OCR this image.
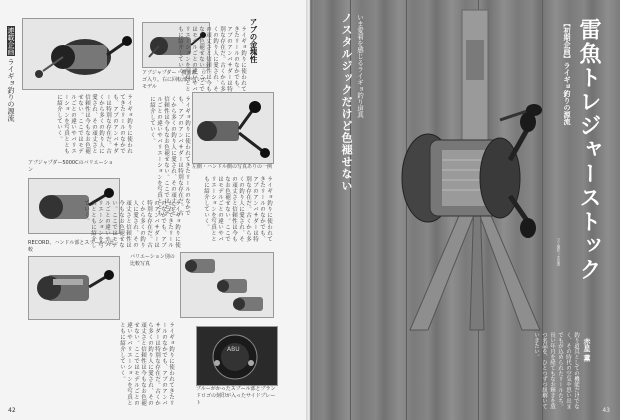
連載企画 ライギョ釣りの源流	アブジャプダー・機関部。ロゴ入り。右に回転部が付いたモデル
アブの金塊性
ライギョ釣りに使われてきたリールのなかでも、アブのアンバサダーは特別な存在だ。古くから多くの釣り人に愛され、その頑丈さと信頼性は今もなお色褪せない。ここではモデルごとの違いやバリエーションを写真とともに紹介していく。
ライギョ釣りに使われてきたリールのなかでも、アブのアンバサダーは特別な存在だ。古くから多くの釣り人に愛され、その頑丈さと信頼性は今もなお色褪せない。ここではモデルごとの違いやバリエーションを写真とともに紹介していく。
左側・ハンドル側の写真ありの一例
ライギョ釣りに使われてきたリールのなかでも、アブのアンバサダーは特別な存在だ。古くから多くの釣り人に愛され、その頑丈さと信頼性は今もなお色褪せない。ここではモデルごとの違いやバリエーションを写真とともに紹介していく。
ライギョ釣りに使われてきたリールのなかでも、アブのアンバサダーは特別な存在だ。古くから多くの釣り人に愛され、その頑丈さと信頼性は今もなお色褪せない。ここではモデルごとの違いやバリエーションを写真とともに紹介していく。
アブジャプダー5000Cのバリエーション
RECORD、ハンドル部とスプールの比較
バリエーション別の比較写真
ライギョ釣りに使われてきたリールのなかでも、アブのアンバサダーは特別な存在だ。古くから多くの釣り人に愛され、その頑丈さと信頼性は今もなお色褪せない。ここではモデルごとの違いやバリエーションを写真とともに紹介していく。
ライギョ釣りに使われてきたリールのなかでも、アブのアンバサダーは特別な存在だ。古くから多くの釣り人に愛され、その頑丈さと信頼性は今もなお色褪せない。ここではモデルごとの違いやバリエーションを写真とともに紹介していく。
ABU
ブルーがかったスプール部とブランドロゴの刻印が入ったサイドプレート
42
ノスタルジックだけど色褪せない いま愛着を感じるライギョ釣り道具	【初期企画】ライギョ釣りの源流 雷魚トレジャーストック
文と撮影＝赤星薫
赤星 薫
釣り道具としての機能だけでなく、その時代の空気や思い出までもが込められたリールたち。長い年月を経てもなお輝きを放つ名品を、ひとつずつ紐解いていきたい。
43
